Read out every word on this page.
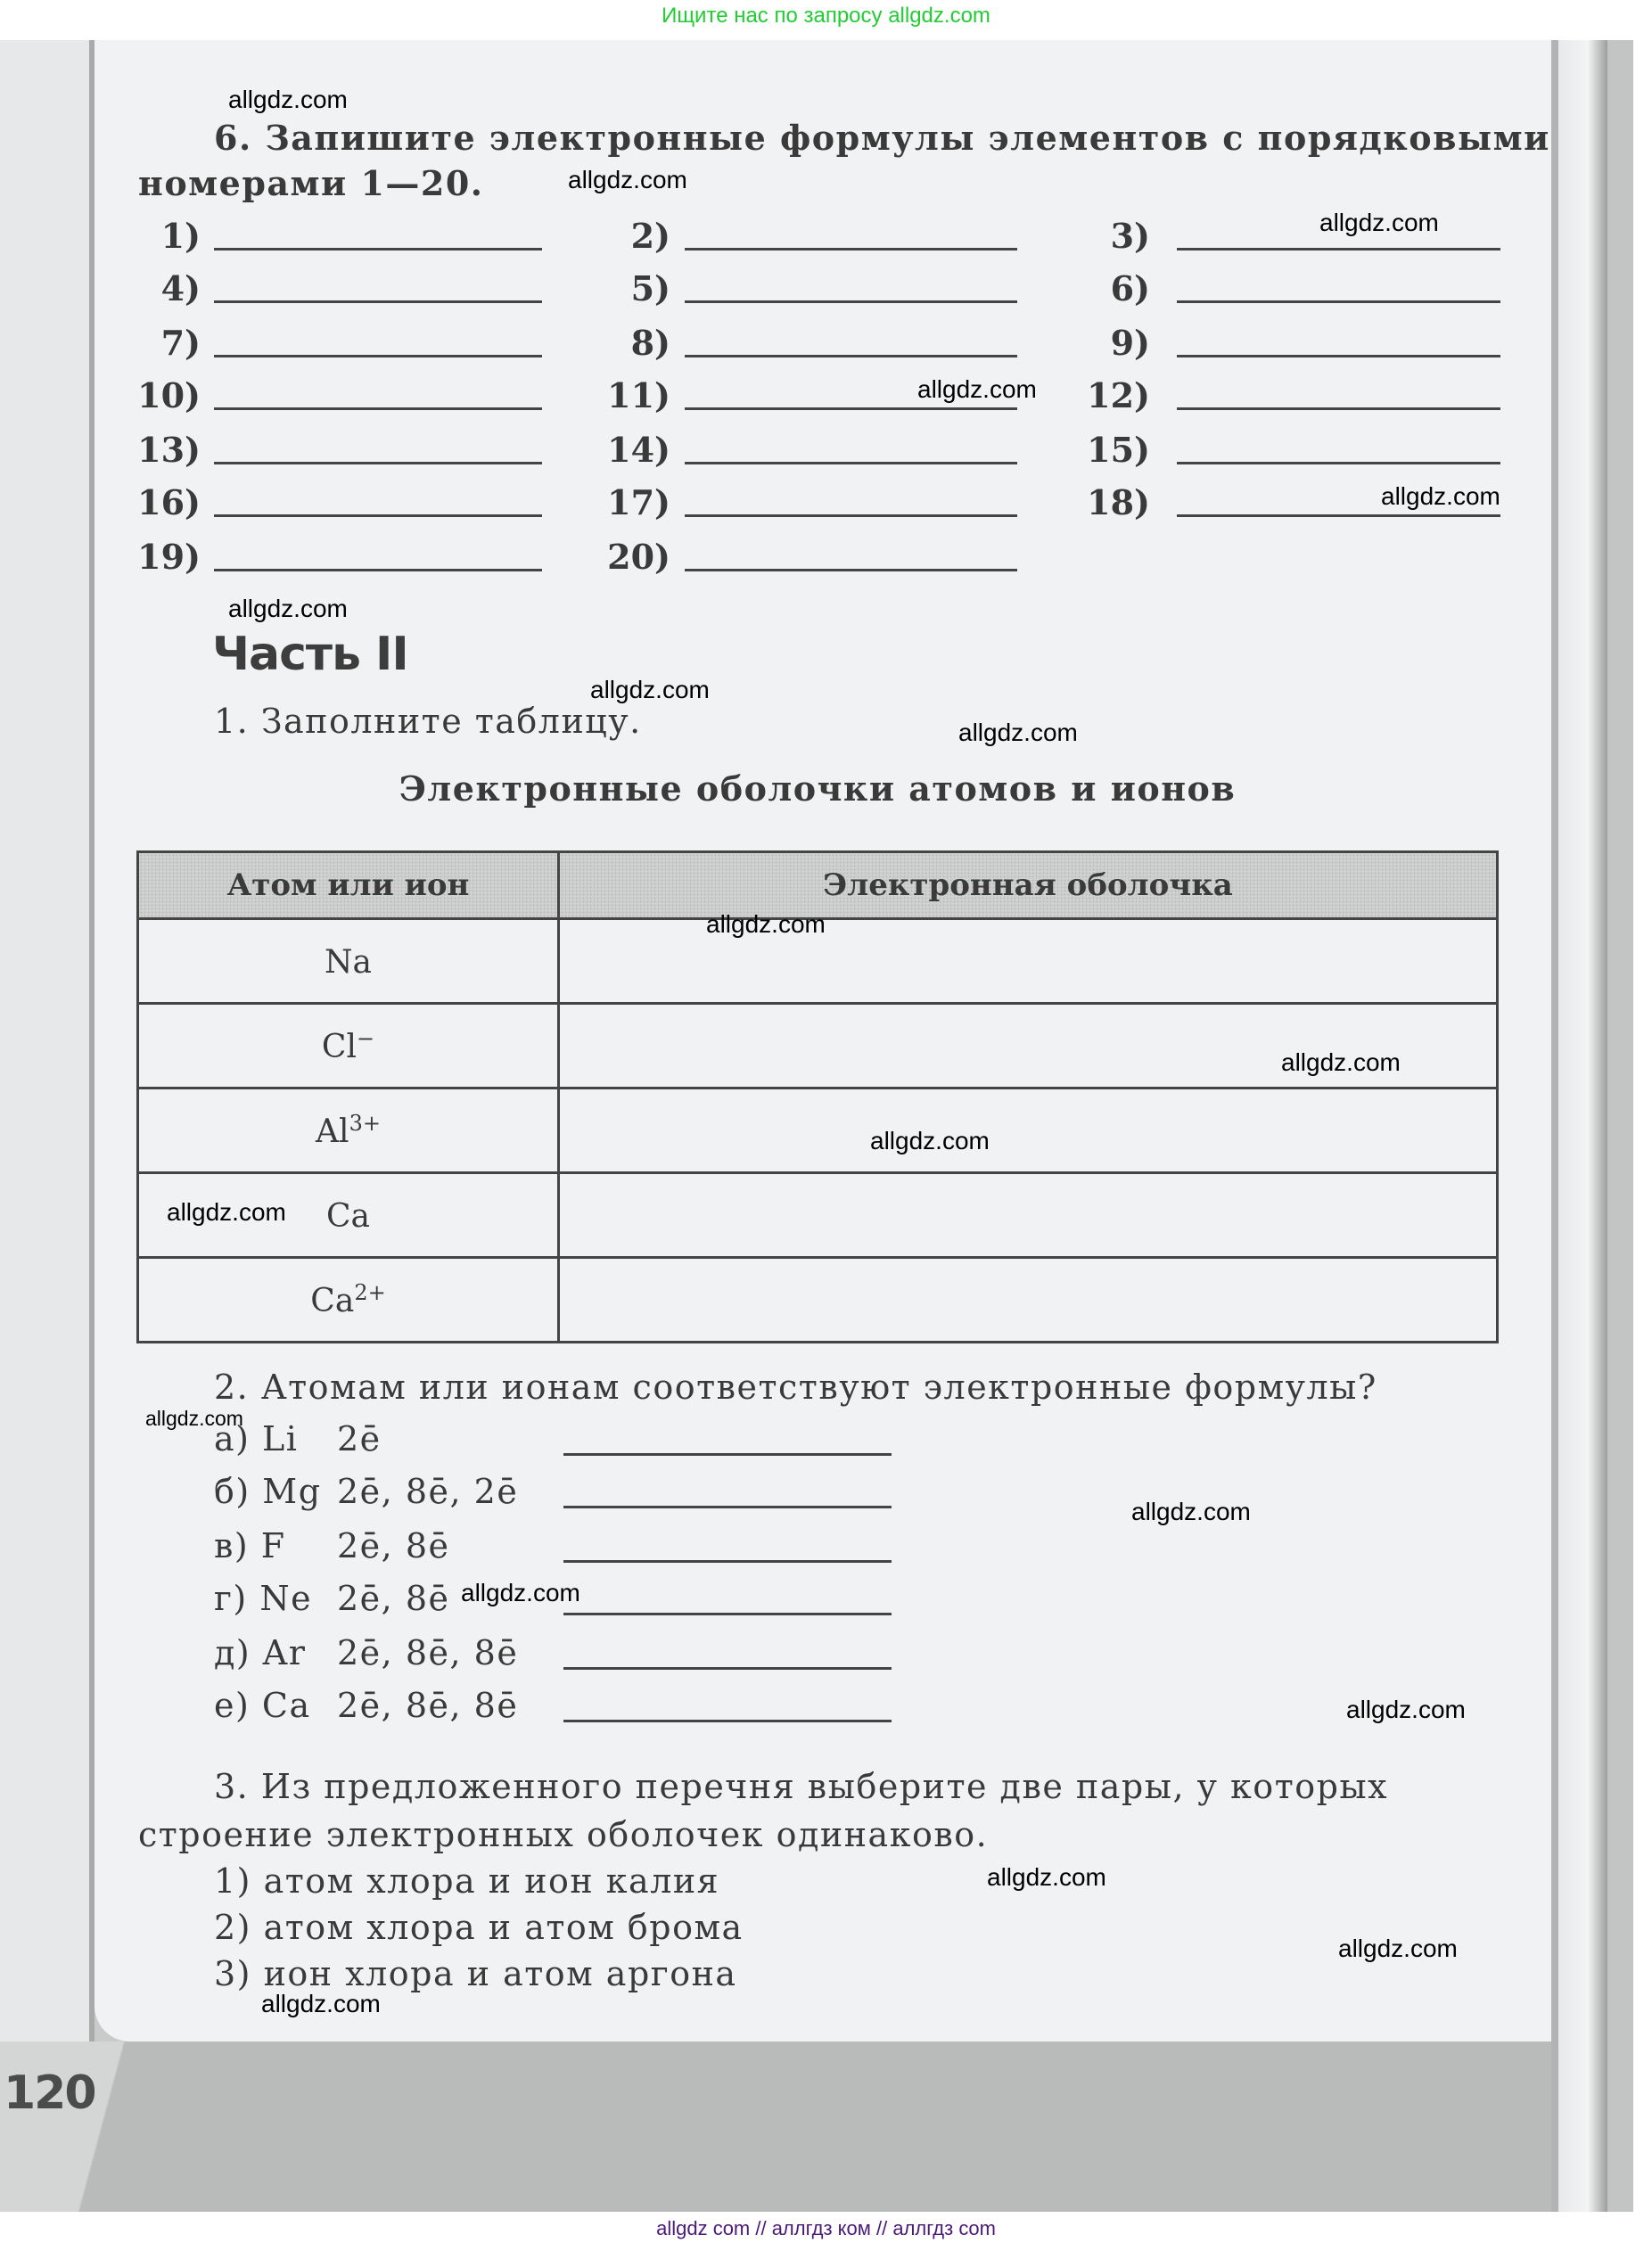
Ищите нас по запросу allgdz.com
120
allgdz com // аллгдз ком // аллгдз com
6. Запишите электронные формулы элементов с порядковыми
номерами 1—20.
1)	2)	3)
4)	5)	6)
7)	8)	9)
10)	11)	12)
13)	14)	15)
16)	17)	18)
19)	20)
Часть II
1. Заполните таблицу.
Электронные оболочки атомов и ионов
Атом или ион	Электронная оболочка
Na	
Cl−	
$Al^{3+}$	
Ca	
$Ca^{2+}$	
2. Атомам или ионам соответствуют электронные формулы?
а) Li 2ē
б) Mg 2ē, 8ē, 2ē
в) F 2ē, 8ē
г) Ne 2ē, 8ē
д) Ar 2ē, 8ē, 8ē
е) Ca 2ē, 8ē, 8ē
3. Из предложенного перечня выберите две пары, у которых
строение электронных оболочек одинаково.
1) атом хлора и ион калия
2) атом хлора и атом брома
3) ион хлора и атом аргона
allgdz.com
allgdz.com
allgdz.com
allgdz.com
allgdz.com
allgdz.com
allgdz.com
allgdz.com
allgdz.com
allgdz.com
allgdz.com
allgdz.com
allgdz.com
allgdz.com
allgdz.com
allgdz.com
allgdz.com
allgdz.com
allgdz.com
